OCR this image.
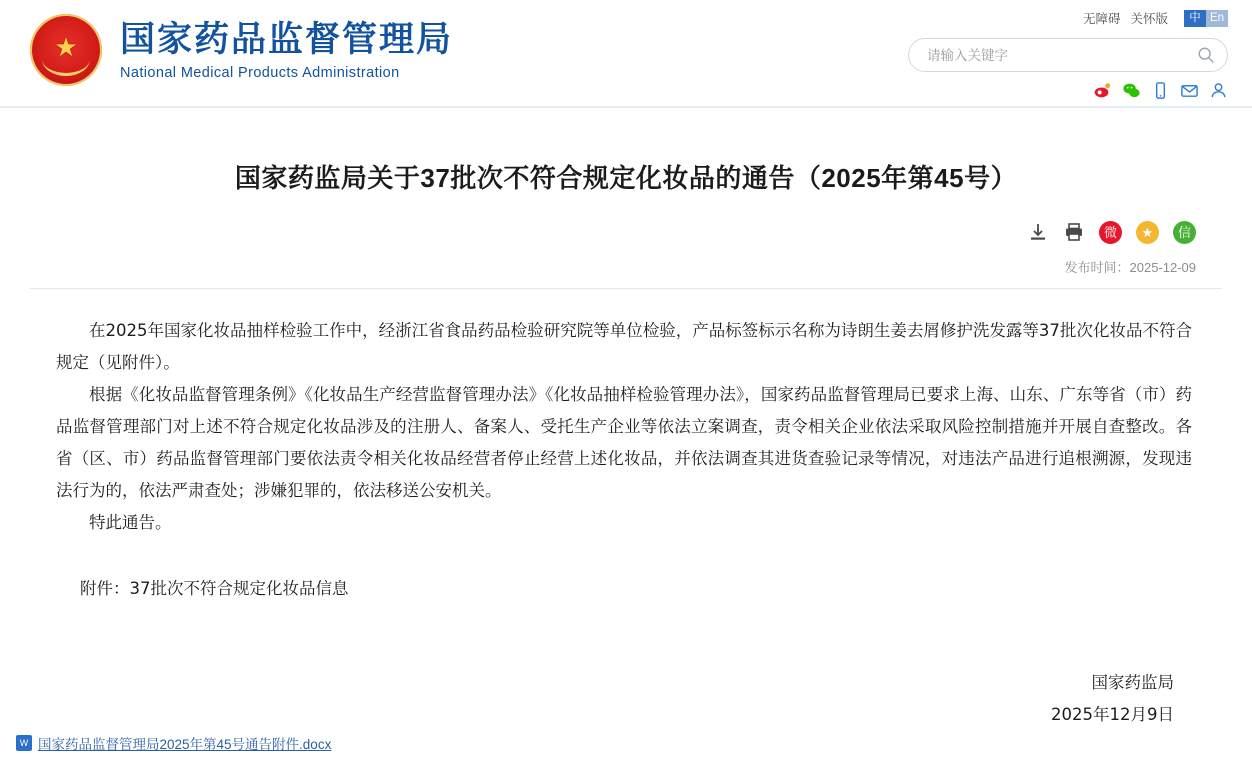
★
国家药品监督管理局
National Medical Products Administration
无障碍 关怀版	中 En
请输入关键字
国家药监局关于37批次不符合规定化妆品的通告（2025年第45号）
微	★	信
发布时间：2025-12-09

在2025年国家化妆品抽样检验工作中，经浙江省食品药品检验研究院等单位检验，产品标签标示名称为诗朗生姜去屑修护洗发露等37批次化妆品不符合规定（见附件）。

根据《化妆品监督管理条例》《化妆品生产经营监督管理办法》《化妆品抽样检验管理办法》，国家药品监督管理局已要求上海、山东、广东等省（市）药品监督管理部门对上述不符合规定化妆品涉及的注册人、备案人、受托生产企业等依法立案调查，责令相关企业依法采取风险控制措施并开展自查整改。各省（区、市）药品监督管理部门要依法责令相关化妆品经营者停止经营上述化妆品，并依法调查其进货查验记录等情况，对违法产品进行追根溯源，发现违法行为的，依法严肃查处；涉嫌犯罪的，依法移送公安机关。

特此通告。

附件：37批次不符合规定化妆品信息

国家药监局
2025年12月9日
W 国家药品监督管理局2025年第45号通告附件.docx
